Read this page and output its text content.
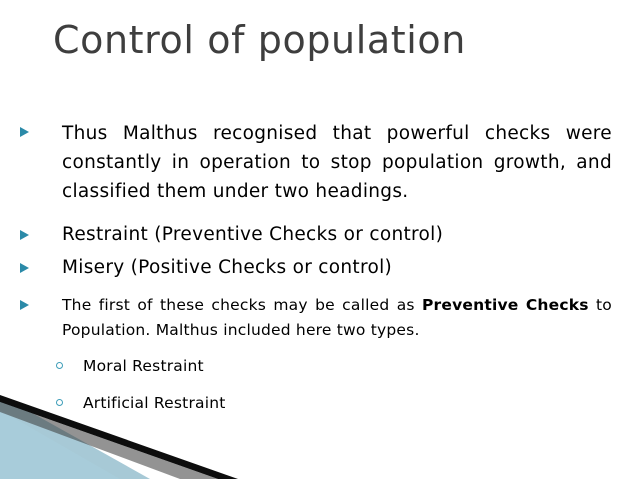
Control of population

Thus Malthus recognised that powerful checks were constantly in operation to stop population growth, and classified them under two headings.

Restraint (Preventive Checks or control)

Misery (Positive Checks or control)

The first of these checks may be called as Preventive Checks to Population. Malthus included here two types.

Moral Restraint

Artificial Restraint
